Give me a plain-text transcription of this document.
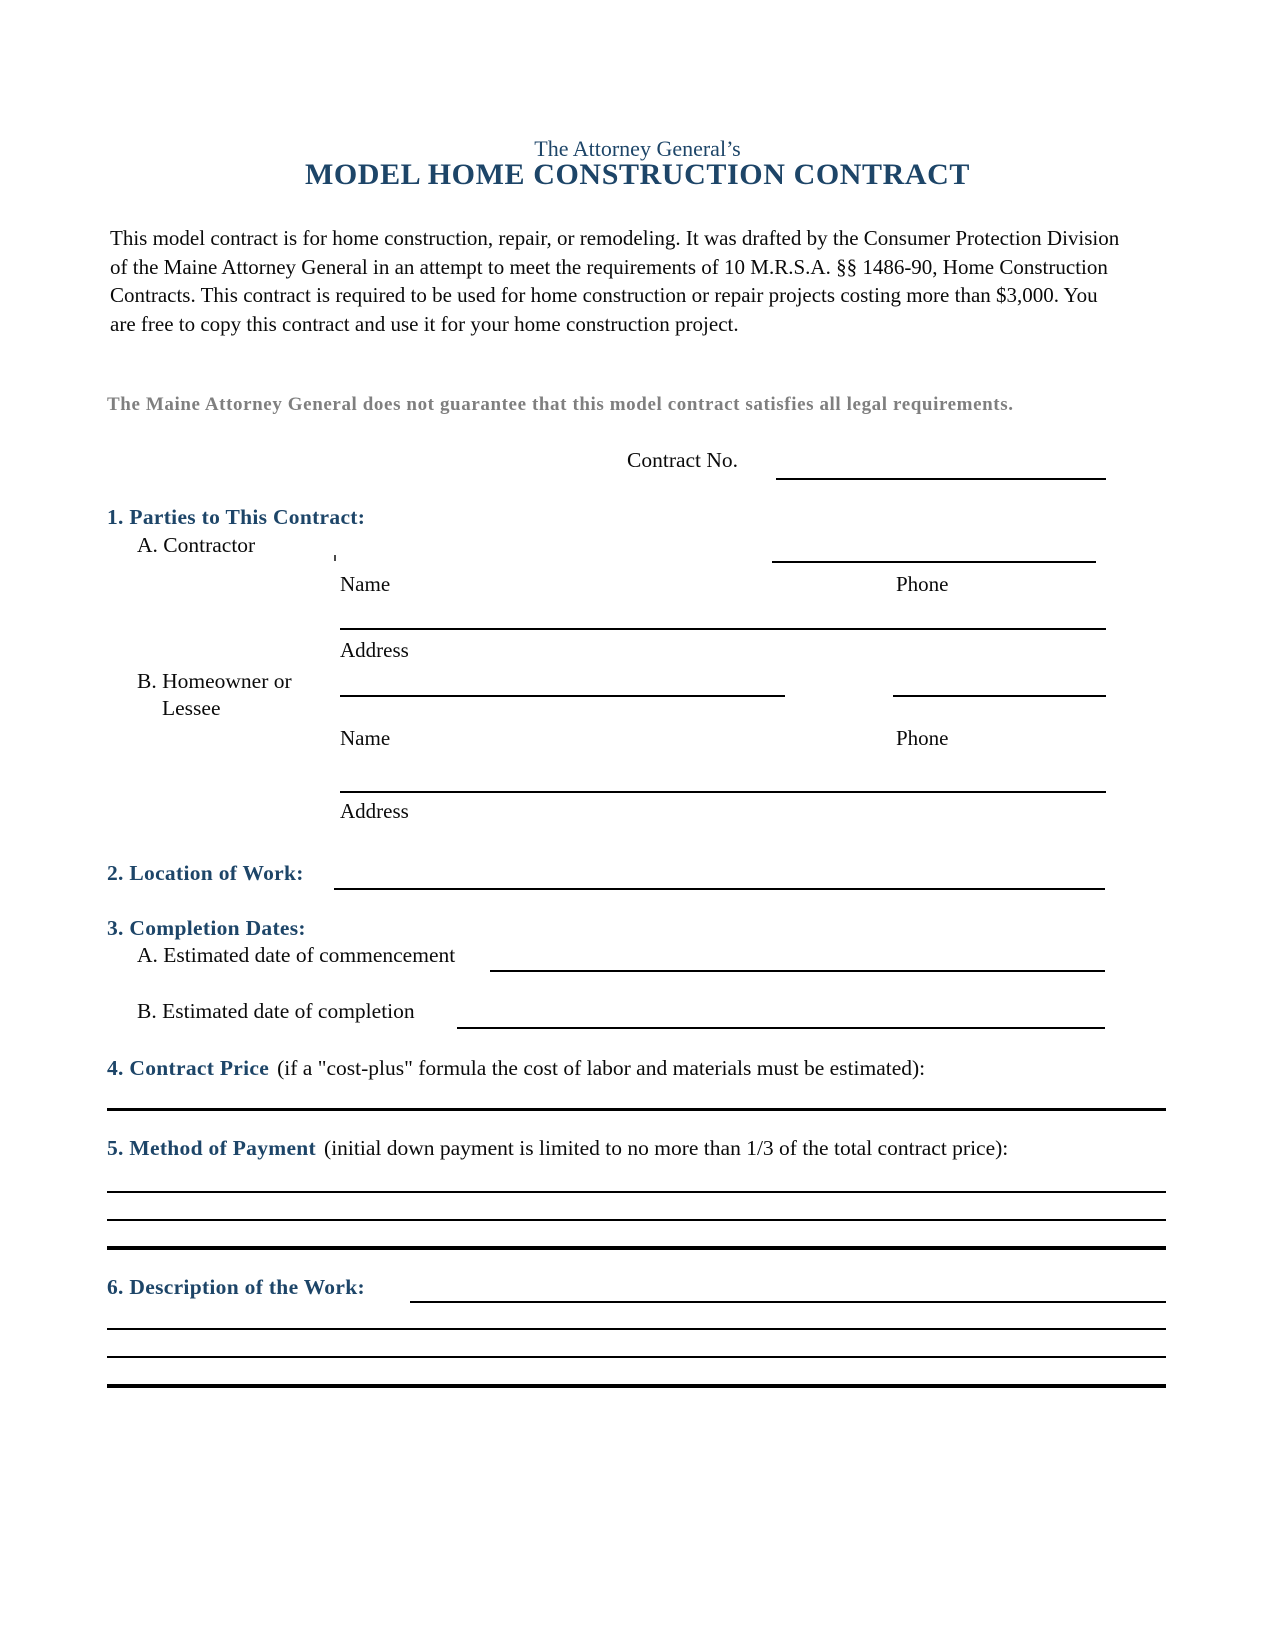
The Attorney General’s
MODEL HOME CONSTRUCTION CONTRACT
This model contract is for home construction, repair, or remodeling. It was drafted by the Consumer Protection Division of the Maine Attorney General in an attempt to meet the requirements of 10 M.R.S.A. §§ 1486-90, Home Construction Contracts. This contract is required to be used for home construction or repair projects costing more than $3,000. You are free to copy this contract and use it for your home construction project.
The Maine Attorney General does not guarantee that this model contract satisfies all legal requirements.
Contract No.
1. Parties to This Contract:
A. Contractor
Name	Phone
Address
B. Homeowner or
Lessee
Name	Phone
Address
2. Location of Work:
3. Completion Dates:
A. Estimated date of commencement
B. Estimated date of completion
4. Contract Price (if a "cost-plus" formula the cost of labor and materials must be estimated):
5. Method of Payment (initial down payment is limited to no more than 1/3 of the total contract price):
6. Description of the Work:
